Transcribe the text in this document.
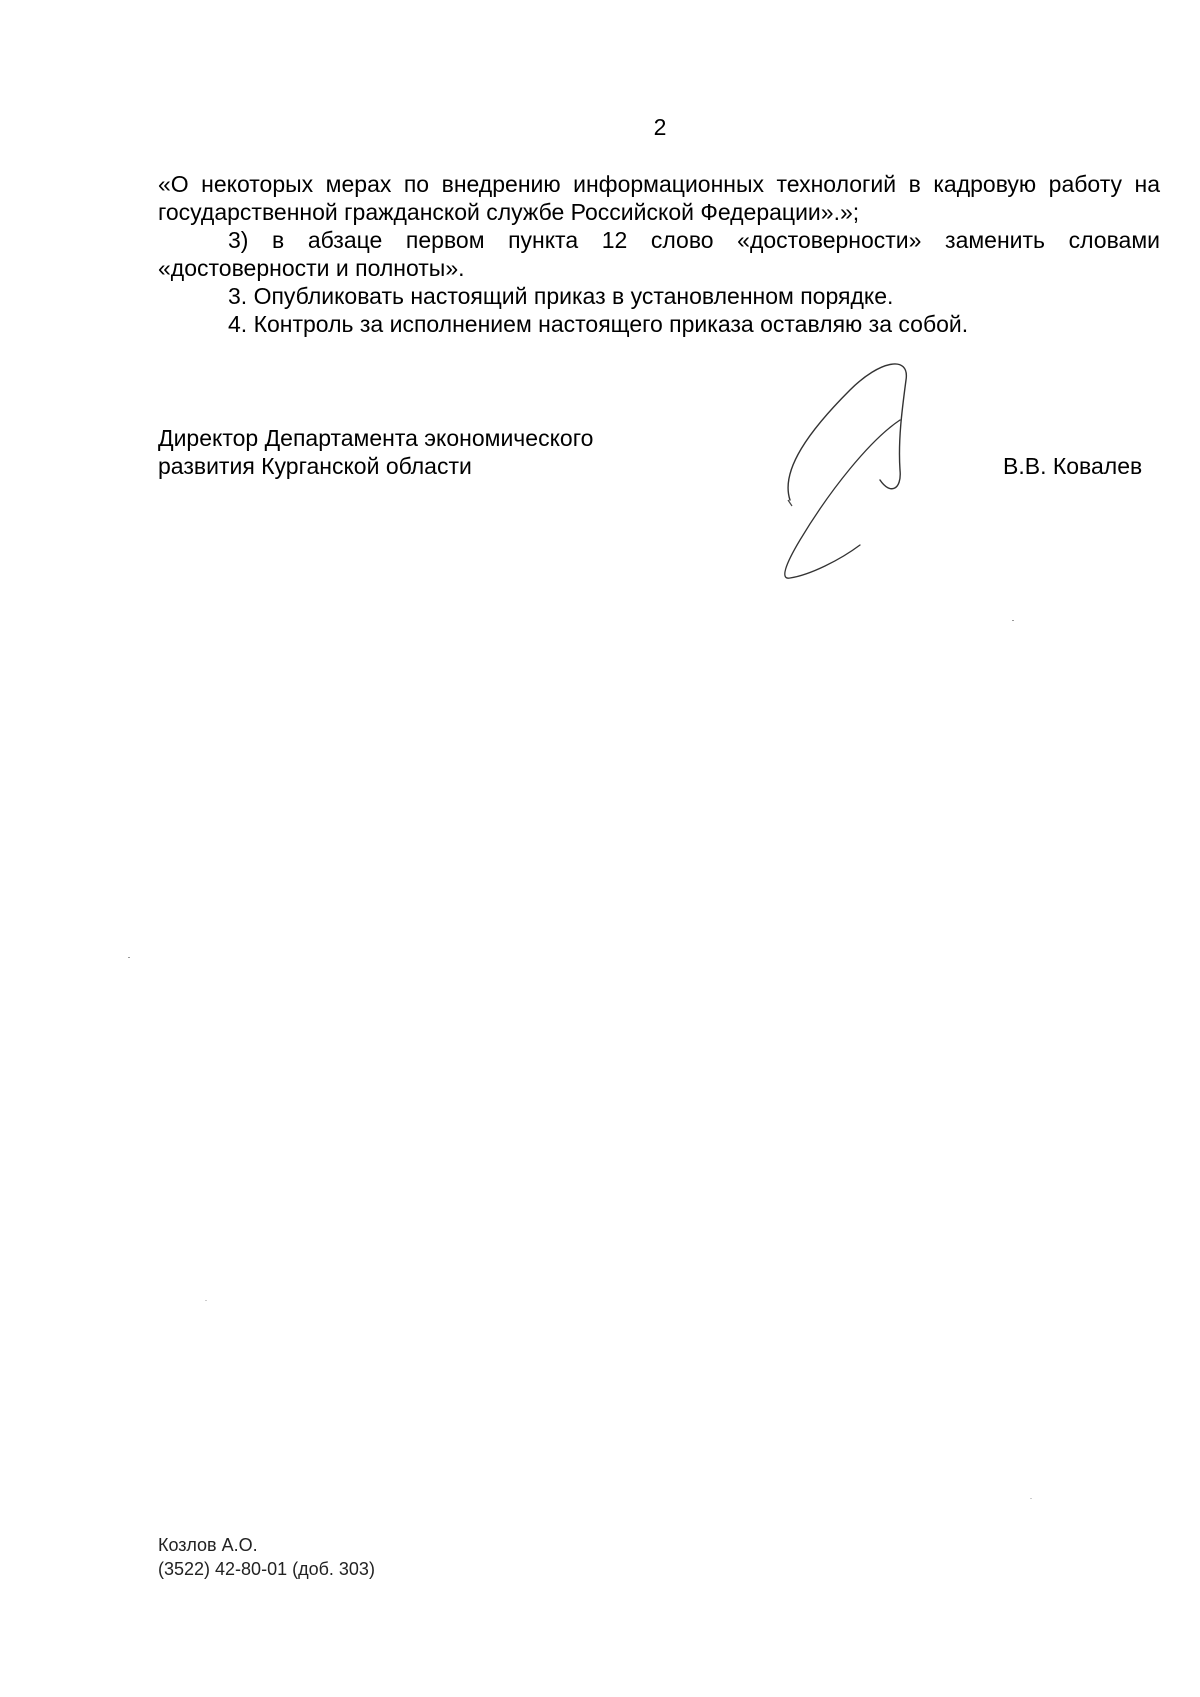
2

«О некоторых мерах по внедрению информационных технологий в кадровую работу на государственной гражданской службе Российской Федерации».»;

3) в абзаце первом пункта 12 слово «достоверности» заменить словами «достоверности и полноты».

3. Опубликовать настоящий приказ в установленном порядке.

4. Контроль за исполнением настоящего приказа оставляю за собой.

Директор Департамента экономического
развития Курганской области	В.В. Ковалев
Козлов А.О.
(3522) 42-80-01 (доб. 303)
